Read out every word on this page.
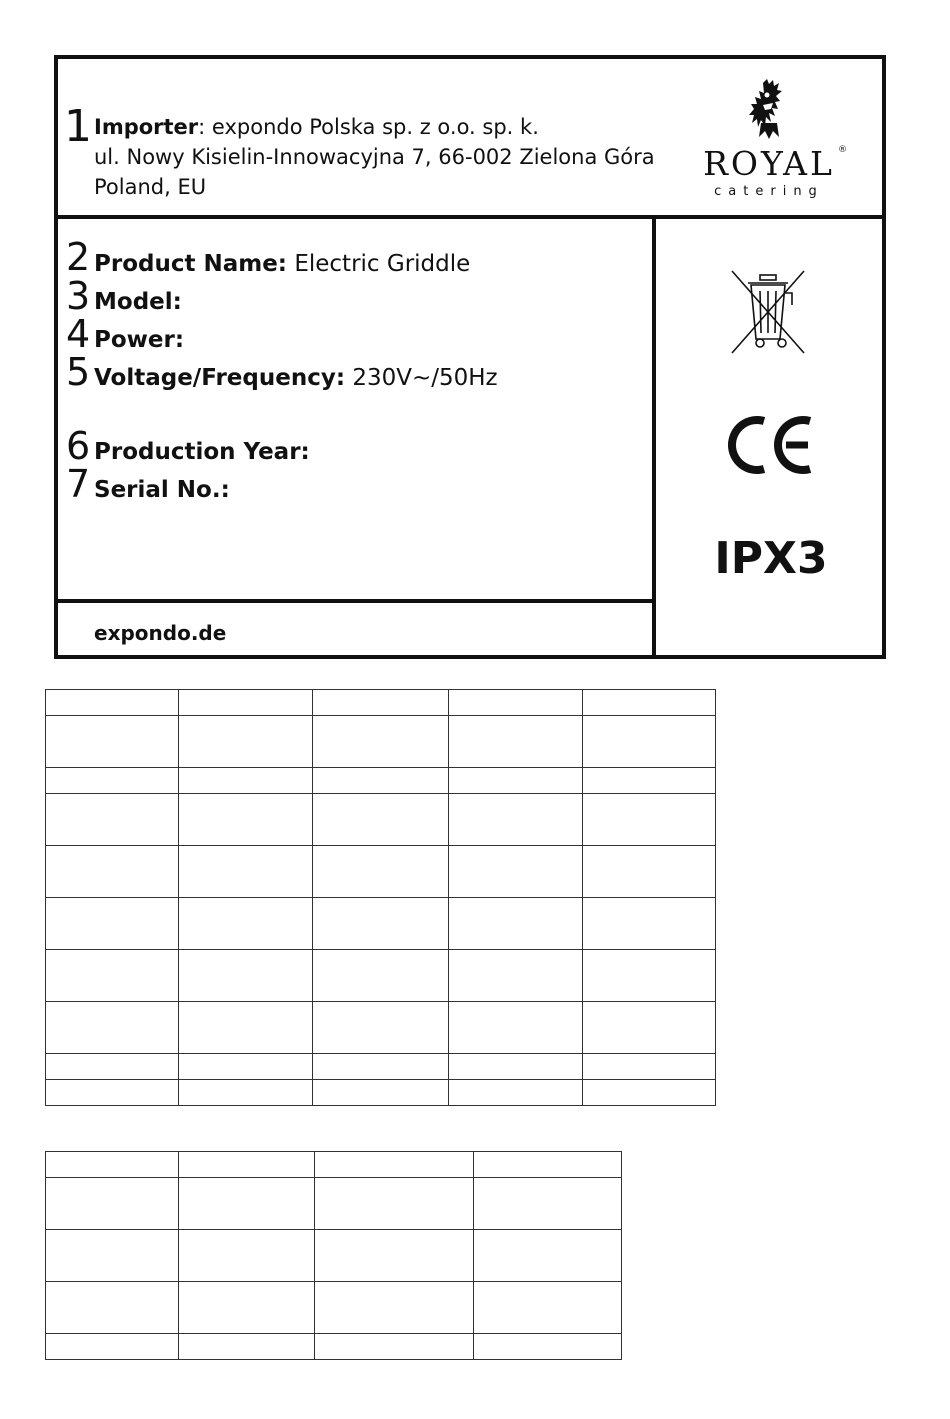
1 Importer: expondo Polska sp. z o.o. sp. k.
ul. Nowy Kisielin-Innowacyjna 7, 66-002 Zielona Góra
Poland, EU
2 Product Name: Electric Griddle
3 Model:
4 Power:
5 Voltage/Frequency: 230V~/50Hz
6 Production Year:
7 Serial No.:
expondo.de
ROYAL ®
catering
IPX3
